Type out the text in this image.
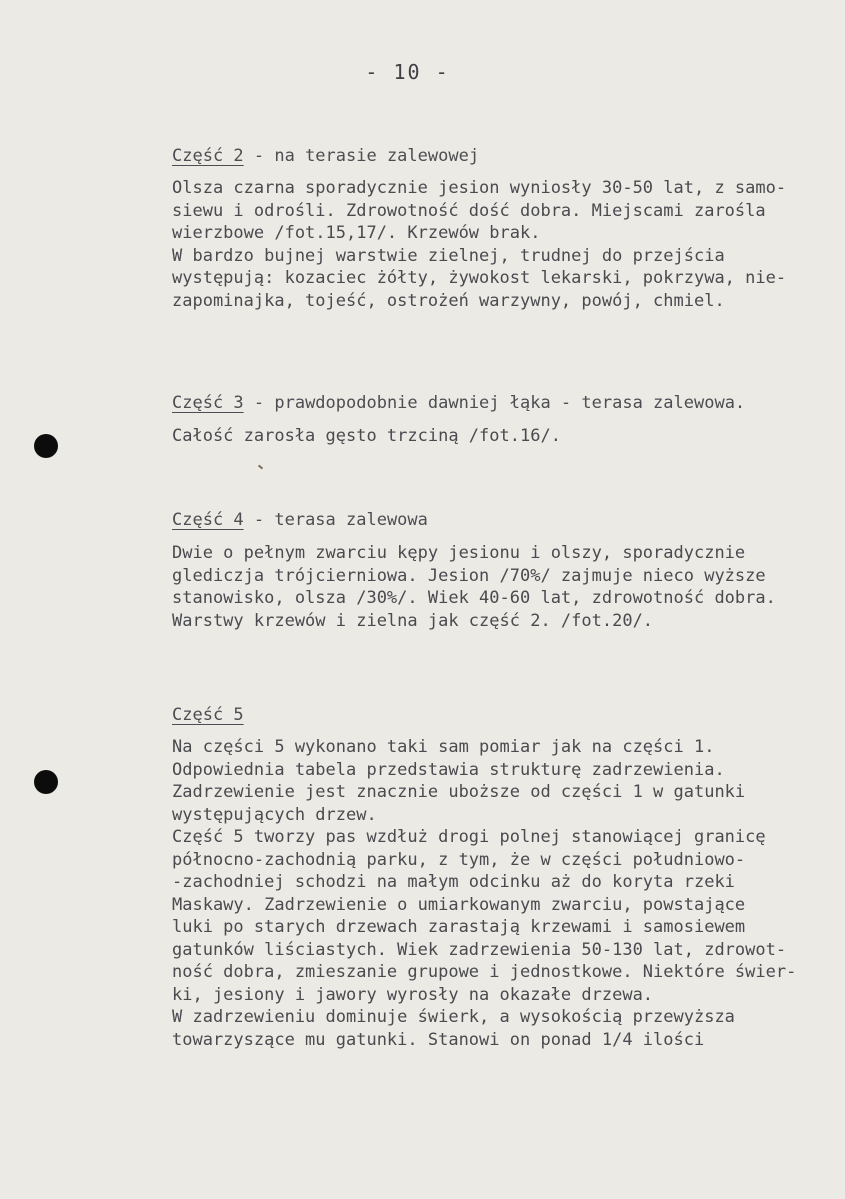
- 10 -
Część 2 - na terasie zalewowej
Olsza czarna sporadycznie jesion wyniosły 30-50 lat, z samo-
siewu i odrośli. Zdrowotność dość dobra. Miejscami zarośla
wierzbowe /fot.15,17/. Krzewów brak.
W bardzo bujnej warstwie zielnej, trudnej do przejścia
występują: kozaciec żółty, żywokost lekarski, pokrzywa, nie-
zapominajka, tojeść, ostrożeń warzywny, powój, chmiel.
Część 3 - prawdopodobnie dawniej łąka - terasa zalewowa.
Całość zarosła gęsto trzciną /fot.16/.
Część 4 - terasa zalewowa
Dwie o pełnym zwarciu kępy jesionu i olszy, sporadycznie
glediczja trójcierniowa. Jesion /70%/ zajmuje nieco wyższe
stanowisko, olsza /30%/. Wiek 40-60 lat, zdrowotność dobra.
Warstwy krzewów i zielna jak część 2. /fot.20/.
Część 5
Na części 5 wykonano taki sam pomiar jak na części 1.
Odpowiednia tabela przedstawia strukturę zadrzewienia.
Zadrzewienie jest znacznie uboższe od części 1 w gatunki
występujących drzew.
Część 5 tworzy pas wzdłuż drogi polnej stanowiącej granicę
północno-zachodnią parku, z tym, że w części południowo-
-zachodniej schodzi na małym odcinku aż do koryta rzeki
Maskawy. Zadrzewienie o umiarkowanym zwarciu, powstające
luki po starych drzewach zarastają krzewami i samosiewem
gatunków liściastych. Wiek zadrzewienia 50-130 lat, zdrowot-
ność dobra, zmieszanie grupowe i jednostkowe. Niektóre świer-
ki, jesiony i jawory wyrosły na okazałe drzewa.
W zadrzewieniu dominuje świerk, a wysokością przewyższa
towarzyszące mu gatunki. Stanowi on ponad 1/4 ilości
